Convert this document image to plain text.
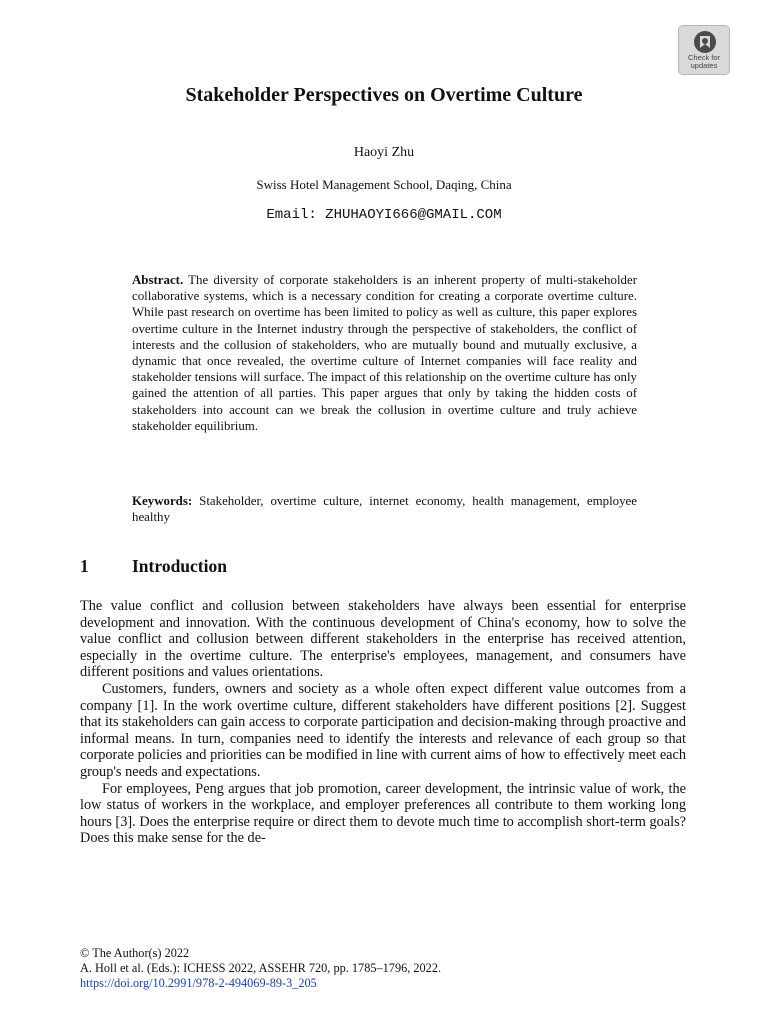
Check for
updates
Stakeholder Perspectives on Overtime Culture
Haoyi Zhu
Swiss Hotel Management School, Daqing, China
Email: ZHUHAOYI666@GMAIL.COM

Abstract. The diversity of corporate stakeholders is an inherent property of multi-stakeholder collaborative systems, which is a necessary condition for creating a corporate overtime culture. While past research on overtime has been limited to policy as well as culture, this paper explores overtime culture in the Internet industry through the perspective of stakeholders, the conflict of interests and the collusion of stakeholders, who are mutually bound and mutually exclusive, a dynamic that once revealed, the overtime culture of Internet companies will face reality and stakeholder tensions will surface. The impact of this relationship on the overtime culture has only gained the attention of all parties. This paper argues that only by taking the hidden costs of stakeholders into account can we break the collusion in overtime culture and truly achieve stakeholder equilibrium.

Keywords: Stakeholder, overtime culture, internet economy, health management, employee healthy

1 Introduction

The value conflict and collusion between stakeholders have always been essential for enterprise development and innovation. With the continuous development of China's economy, how to solve the value conflict and collusion between different stakeholders in the enterprise has received attention, especially in the overtime culture. The enterprise's employees, management, and consumers have different positions and values orientations.

Customers, funders, owners and society as a whole often expect different value outcomes from a company [1]. In the work overtime culture, different stakeholders have different positions [2]. Suggest that its stakeholders can gain access to corporate participation and decision-making through proactive and informal means. In turn, companies need to identify the interests and relevance of each group so that corporate policies and priorities can be modified in line with current aims of how to effectively meet each group's needs and expectations.

For employees, Peng argues that job promotion, career development, the intrinsic value of work, the low status of workers in the workplace, and employer preferences all contribute to them working long hours [3]. Does the enterprise require or direct them to devote much time to accomplish short-term goals? Does this make sense for the de-

© The Author(s) 2022
A. Holl et al. (Eds.): ICHESS 2022, ASSEHR 720, pp. 1785–1796, 2022.
https://doi.org/10.2991/978-2-494069-89-3_205
